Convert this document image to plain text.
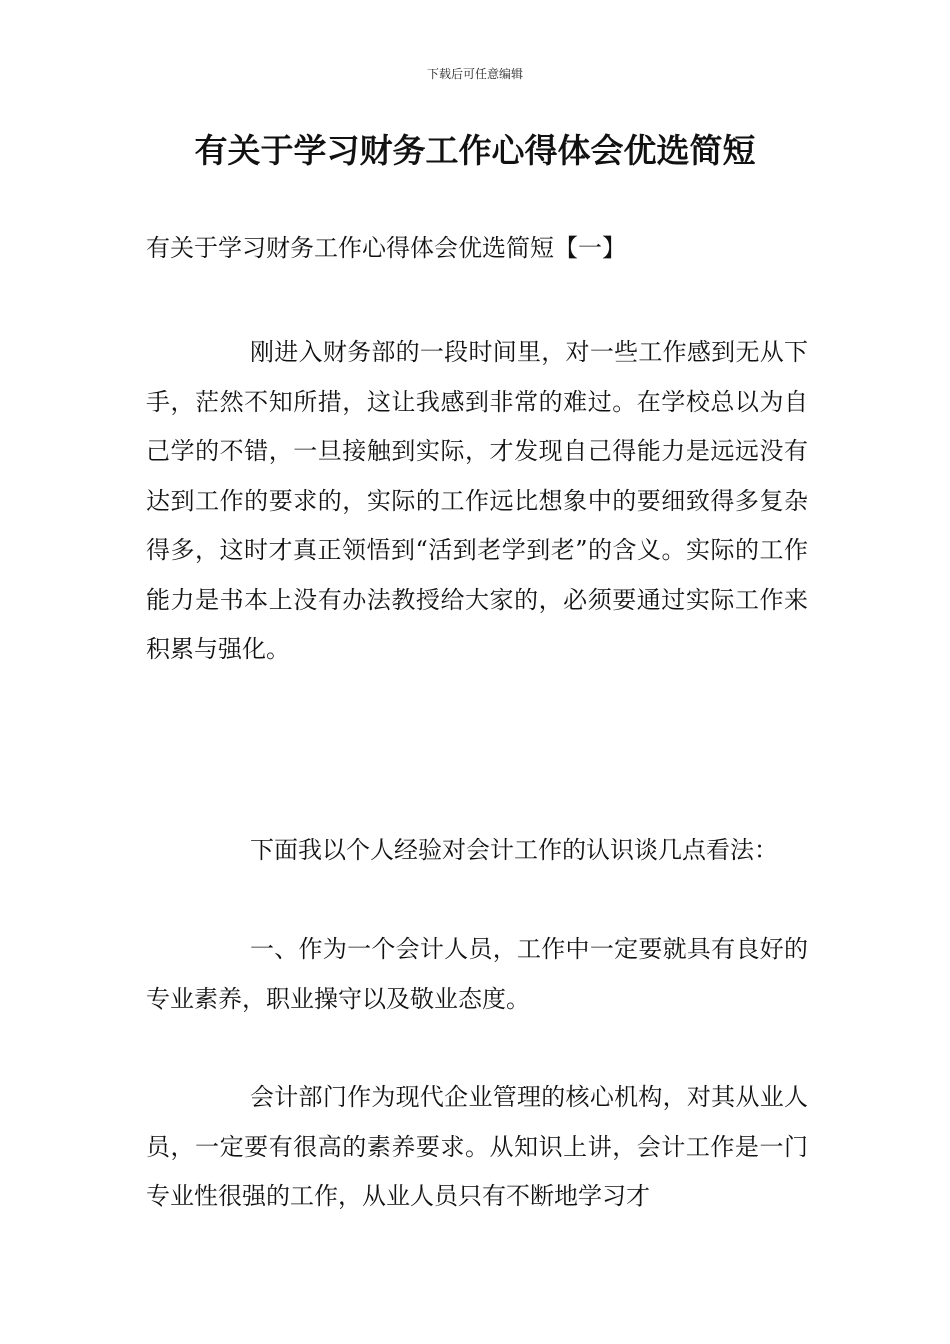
下载后可任意编辑
有关于学习财务工作心得体会优选简短
有关于学习财务工作心得体会优选简短【一】

刚进入财务部的一段时间里，对一些工作感到无从下手，茫然不知所措，这让我感到非常的难过。在学校总以为自己学的不错，一旦接触到实际，才发现自己得能力是远远没有达到工作的要求的，实际的工作远比想象中的要细致得多复杂得多，这时才真正领悟到“活到老学到老”的含义。实际的工作能力是书本上没有办法教授给大家的，必须要通过实际工作来积累与强化。

下面我以个人经验对会计工作的认识谈几点看法：

一、作为一个会计人员，工作中一定要就具有良好的专业素养，职业操守以及敬业态度。

会计部门作为现代企业管理的核心机构，对其从业人员，一定要有很高的素养要求。从知识上讲，会计工作是一门专业性很强的工作，从业人员只有不断地学习才
